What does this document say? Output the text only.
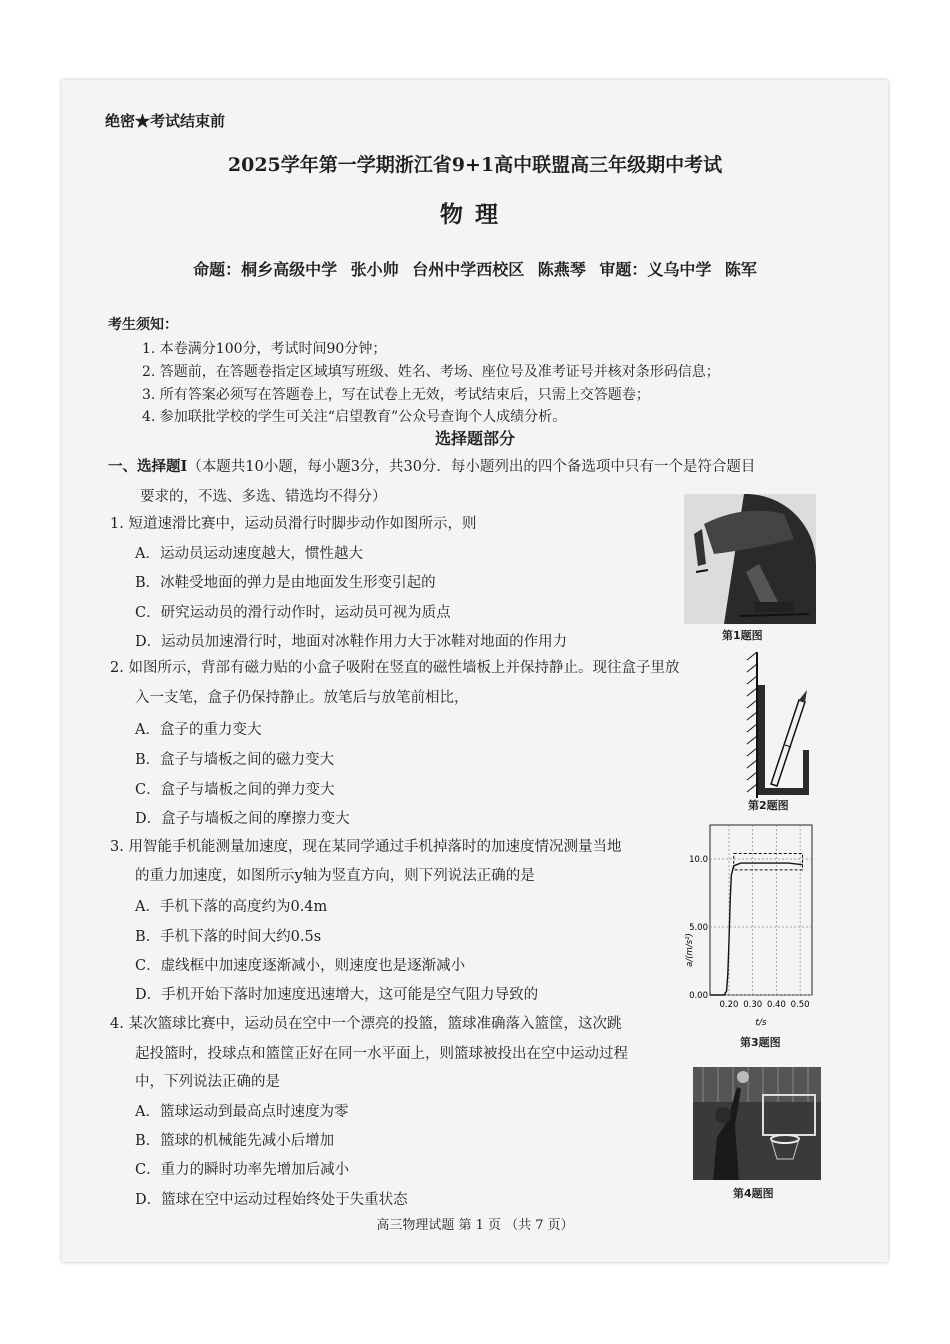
绝密★考试结束前
2025学年第一学期浙江省9+1高中联盟高三年级期中考试
物理
命题：桐乡高级中学 张小帅 台州中学西校区 陈燕琴 审题：义乌中学 陈军
考生须知：
1. 本卷满分100分，考试时间90分钟；
2. 答题前，在答题卷指定区域填写班级、姓名、考场、座位号及准考证号并核对条形码信息；
3. 所有答案必须写在答题卷上，写在试卷上无效，考试结束后，只需上交答题卷；
4. 参加联批学校的学生可关注“启望教育”公众号查询个人成绩分析。
选择题部分
一、选择题I（本题共10小题，每小题3分，共30分．每小题列出的四个备选项中只有一个是符合题目
要求的，不选、多选、错选均不得分）
1. 短道速滑比赛中，运动员滑行时脚步动作如图所示，则
A．运动员运动速度越大，惯性越大
B．冰鞋受地面的弹力是由地面发生形变引起的
C．研究运动员的滑行动作时，运动员可视为质点
D．运动员加速滑行时，地面对冰鞋作用力大于冰鞋对地面的作用力	第1题图
2. 如图所示，背部有磁力贴的小盒子吸附在竖直的磁性墙板上并保持静止。现往盒子里放
入一支笔，盒子仍保持静止。放笔后与放笔前相比，
A．盒子的重力变大
B．盒子与墙板之间的磁力变大
C．盒子与墙板之间的弹力变大
D．盒子与墙板之间的摩擦力变大
第2题图
3. 用智能手机能测量加速度，现在某同学通过手机掉落时的加速度情况测量当地
的重力加速度，如图所示y轴为竖直方向，则下列说法正确的是
A．手机下落的高度约为0.4m
B．手机下落的时间大约0.5s
C．虚线框中加速度逐渐减小，则速度也是逐渐减小
D．手机开始下落时加速度迅速增大，这可能是空气阻力导致的	0.00
5.00
10.0
0.20 0.30 0.40 0.50
t/s
a/(m/s²)
第3题图
4. 某次篮球比赛中，运动员在空中一个漂亮的投篮，篮球准确落入篮筐，这次跳
起投篮时，投球点和篮筐正好在同一水平面上，则篮球被投出在空中运动过程
中，下列说法正确的是
A．篮球运动到最高点时速度为零
B．篮球的机械能先减小后增加
C．重力的瞬时功率先增加后减小
D．篮球在空中运动过程始终处于失重状态	第4题图
高三物理试题 第 1 页 （共 7 页）
